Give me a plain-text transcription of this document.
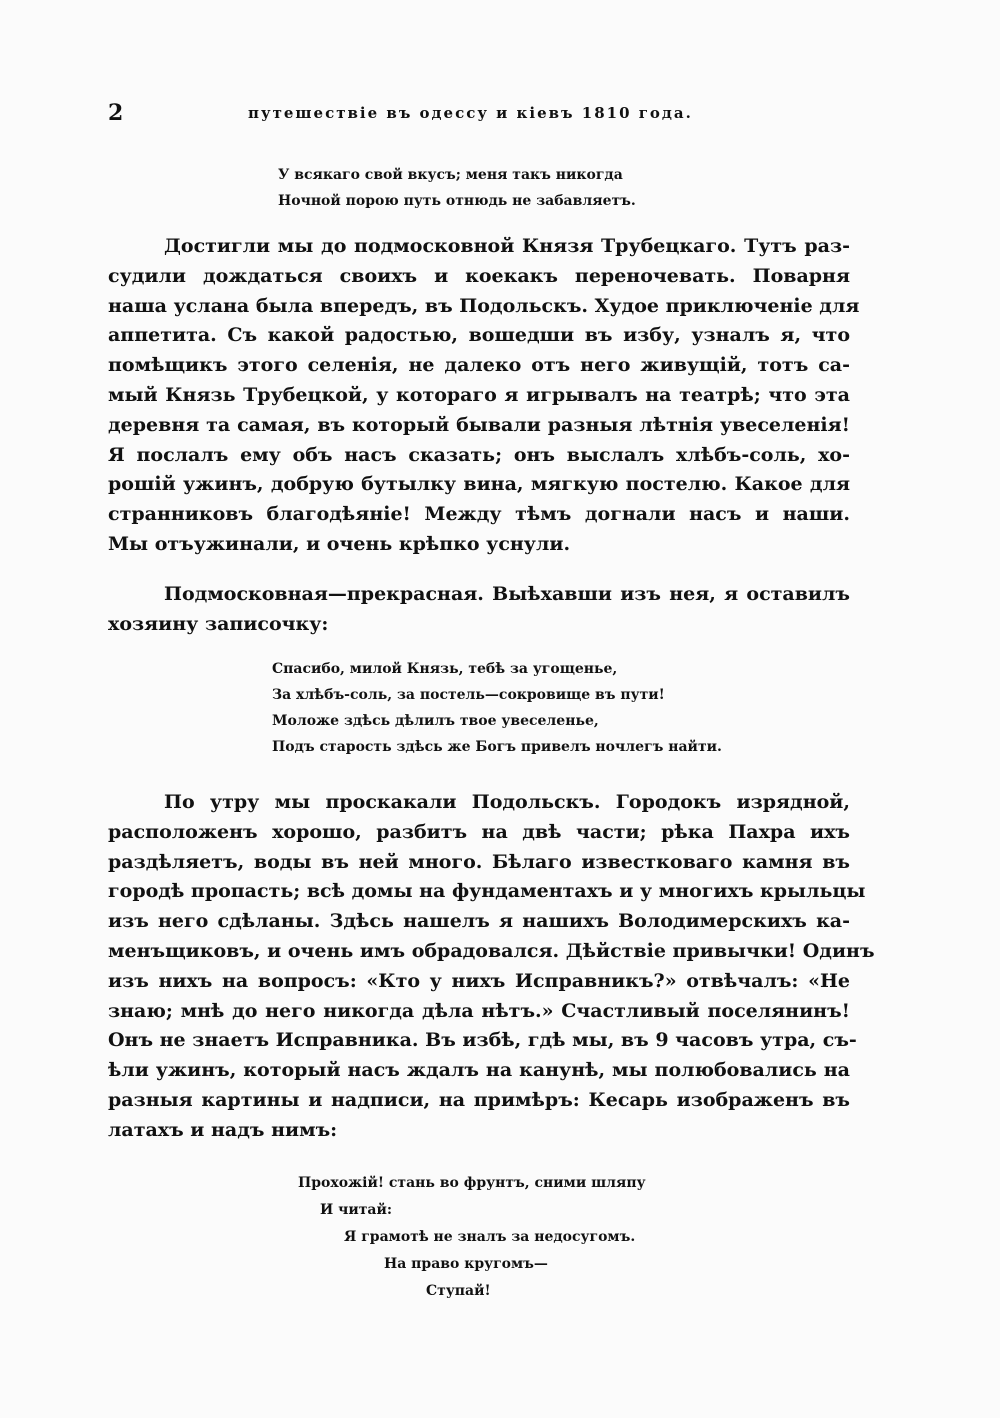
2	путешествіе въ одессу и кіевъ 1810 года.
У всякаго свой вкусъ; меня такъ никогда
Ночной порою путь отнюдь не забавляетъ.
Достигли мы до подмосковной Князя Трубецкаго. Тутъ раз-
судили дождаться своихъ и коекакъ переночевать. Поварня
наша услана была впередъ, въ Подольскъ. Худое приключеніе для
аппетита. Съ какой радостью, вошедши въ избу, узналъ я, что
помѣщикъ этого селенія, не далеко отъ него живущій, тотъ са-
мый Князь Трубецкой, у котораго я игрывалъ на театрѣ; что эта
деревня та самая, въ который бывали разныя лѣтнія увеселенія!
Я послалъ ему объ насъ сказать; онъ выслалъ хлѣбъ-соль, хо-
рошій ужинъ, добрую бутылку вина, мягкую постелю. Какое для
странниковъ благодѣяніе! Между тѣмъ догнали насъ и наши.
Мы отъужинали, и очень крѣпко уснули.
Подмосковная—прекрасная. Выѣхавши изъ нея, я оставилъ
хозяину записочку:
Спасибо, милой Князь, тебѣ за угощенье,
За хлѣбъ-соль, за постель—сокровище въ пути!
Моложе здѣсь дѣлилъ твое увеселенье,
Подъ старость здѣсь же Богъ привелъ ночлегъ найти.
По утру мы проскакали Подольскъ. Городокъ изрядной,
расположенъ хорошо, разбитъ на двѣ части; рѣка Пахра ихъ
раздѣляетъ, воды въ ней много. Бѣлаго известковаго камня въ
городѣ пропасть; всѣ домы на фундаментахъ и у многихъ крыльцы
изъ него сдѣланы. Здѣсь нашелъ я нашихъ Володимерскихъ ка-
менъщиковъ, и очень имъ обрадовался. Дѣйствіе привычки! Одинъ
изъ нихъ на вопросъ: «Кто у нихъ Исправникъ?» отвѣчалъ: «Не
знаю; мнѣ до него никогда дѣла нѣтъ.» Счастливый поселянинъ!
Онъ не знаетъ Исправника. Въ избѣ, гдѣ мы, въ 9 часовъ утра, съ-
ѣли ужинъ, который насъ ждалъ на канунѣ, мы полюбовались на
разныя картины и надписи, на примѣръ: Кесарь изображенъ въ
латахъ и надъ нимъ:
Прохожій! стань во фрунтъ, сними шляпу
И читай:
Я грамотѣ не зналъ за недосугомъ.
На право кругомъ—
Ступай!
